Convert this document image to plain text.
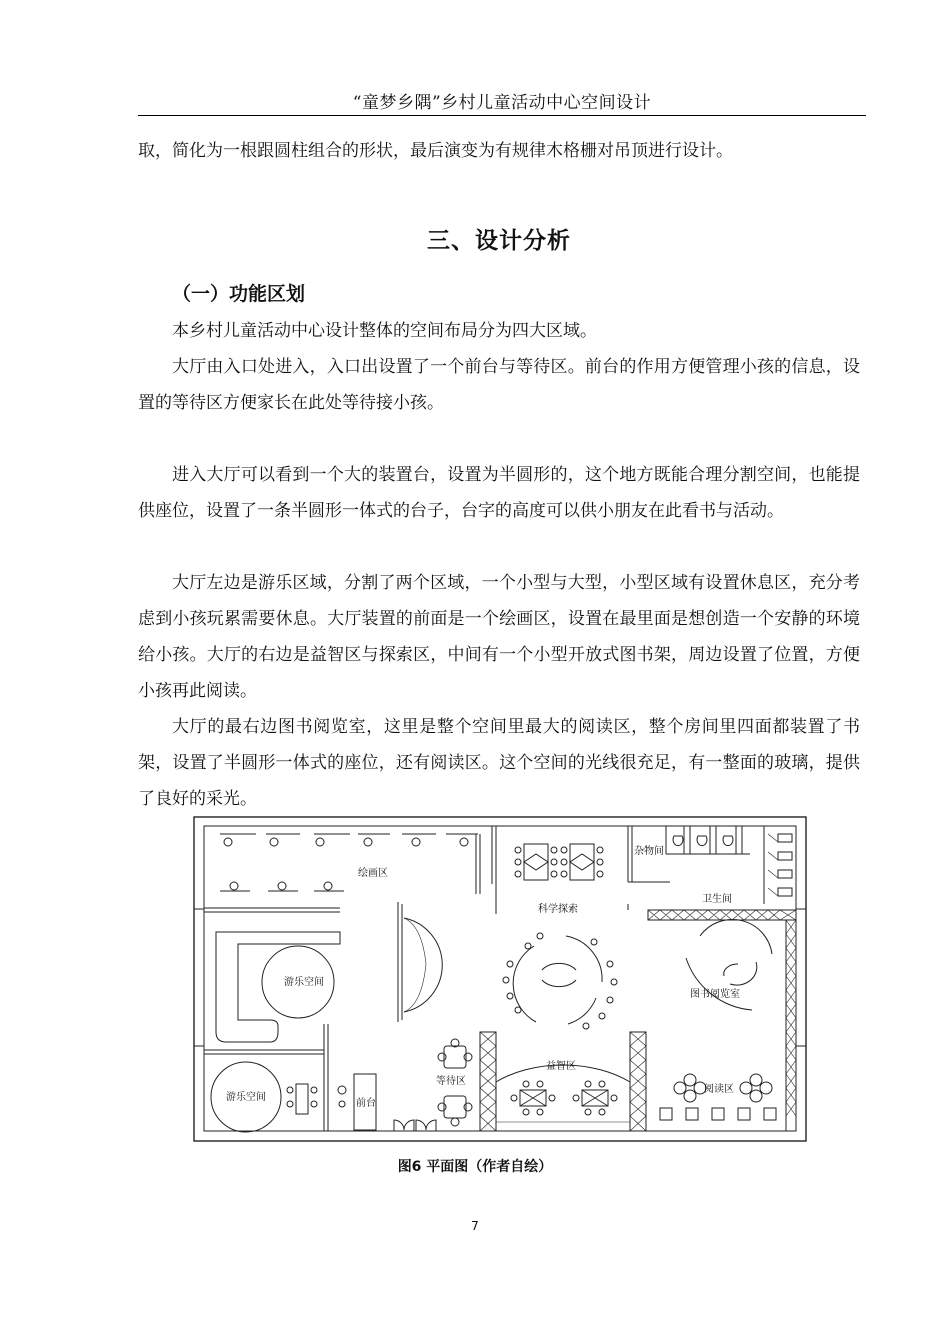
“童梦乡隅”乡村儿童活动中心空间设计

取，简化为一根跟圆柱组合的形状，最后演变为有规律木格栅对吊顶进行设计。

三、设计分析
（一）功能区划

本乡村儿童活动中心设计整体的空间布局分为四大区域。

大厅由入口处进入，入口出设置了一个前台与等待区。前台的作用方便管理小孩的信息，设置的等待区方便家长在此处等待接小孩。

进入大厅可以看到一个大的装置台，设置为半圆形的，这个地方既能合理分割空间，也能提供座位，设置了一条半圆形一体式的台子，台字的高度可以供小朋友在此看书与活动。

大厅左边是游乐区域，分割了两个区域，一个小型与大型，小型区域有设置休息区，充分考虑到小孩玩累需要休息。大厅装置的前面是一个绘画区，设置在最里面是想创造一个安静的环境给小孩。大厅的右边是益智区与探索区，中间有一个小型开放式图书架，周边设置了位置，方便小孩再此阅读。

大厅的最右边图书阅览室，这里是整个空间里最大的阅读区，整个房间里四面都装置了书架，设置了半圆形一体式的座位，还有阅读区。这个空间的光线很充足，有一整面的玻璃，提供了良好的采光。

绘画区
杂物间
卫生间
科学探索
游乐空间
游乐空间
图书阅览室
益智区
等待区
前台
阅读区
图6 平面图（作者自绘）
7
